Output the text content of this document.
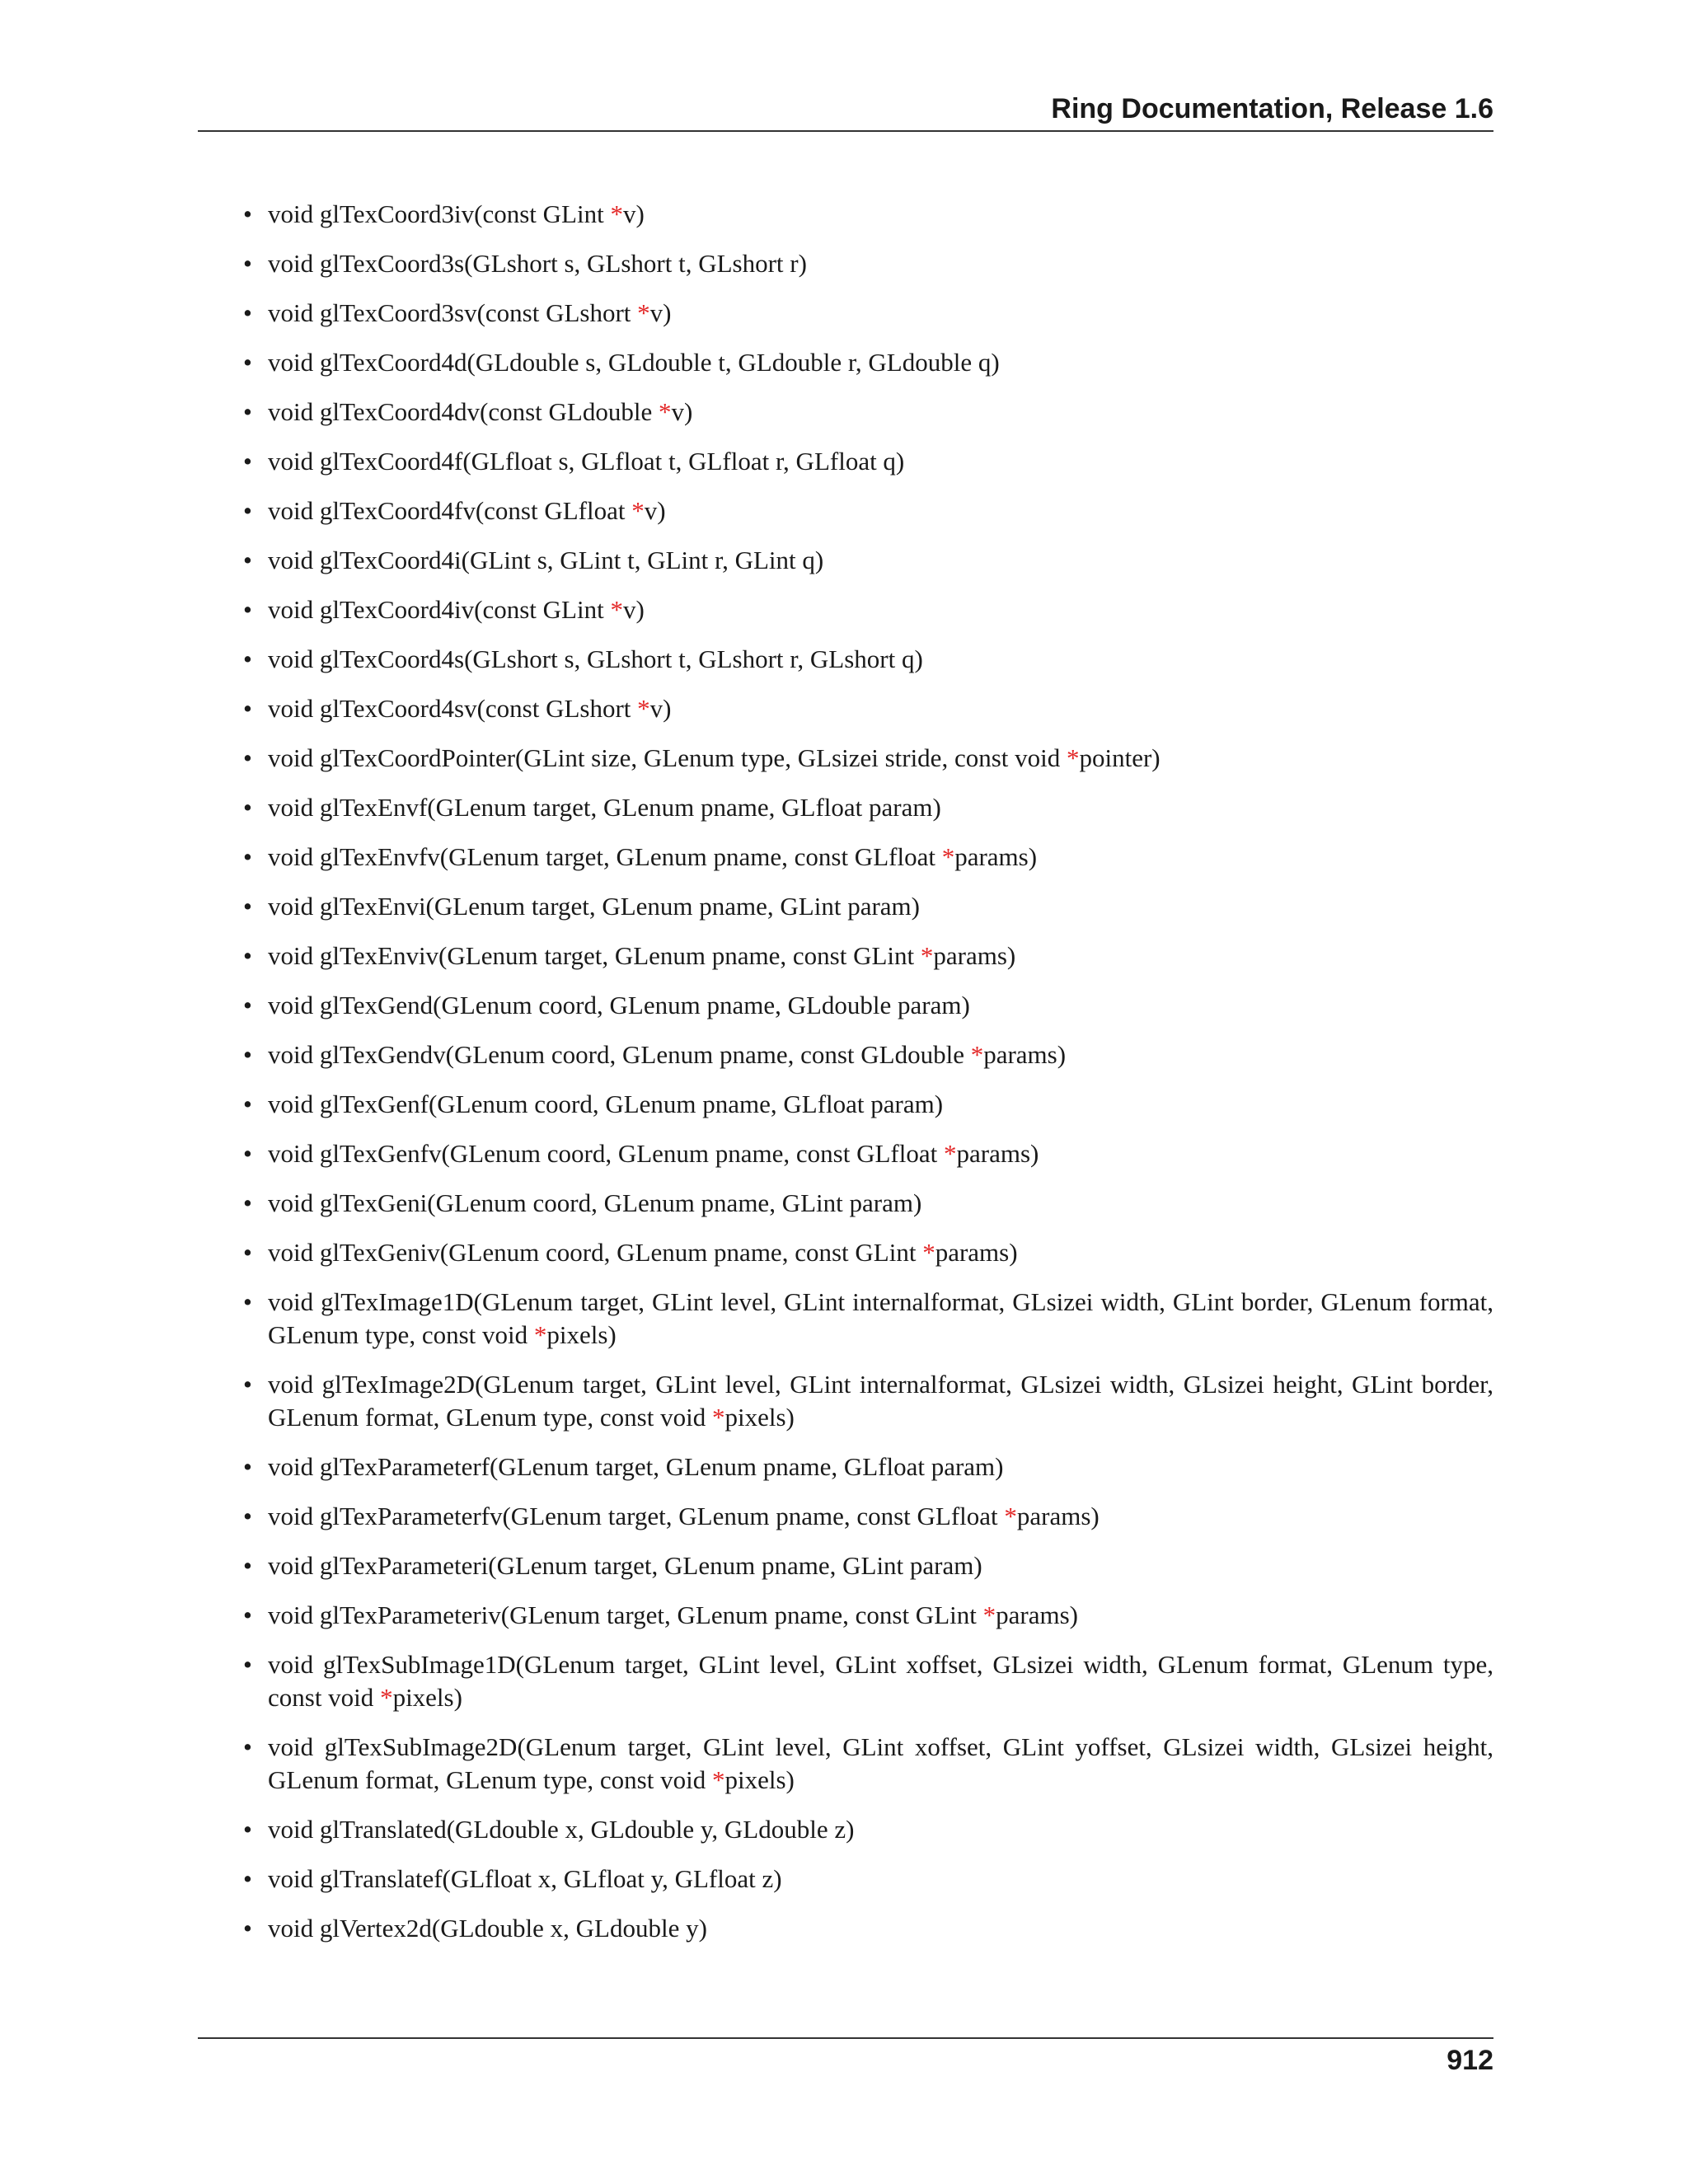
Ring Documentation, Release 1.6
• void glTexCoord3iv(const GLint *v)
• void glTexCoord3s(GLshort s, GLshort t, GLshort r)
• void glTexCoord3sv(const GLshort *v)
• void glTexCoord4d(GLdouble s, GLdouble t, GLdouble r, GLdouble q)
• void glTexCoord4dv(const GLdouble *v)
• void glTexCoord4f(GLfloat s, GLfloat t, GLfloat r, GLfloat q)
• void glTexCoord4fv(const GLfloat *v)
• void glTexCoord4i(GLint s, GLint t, GLint r, GLint q)
• void glTexCoord4iv(const GLint *v)
• void glTexCoord4s(GLshort s, GLshort t, GLshort r, GLshort q)
• void glTexCoord4sv(const GLshort *v)
• void glTexCoordPointer(GLint size, GLenum type, GLsizei stride, const void *pointer)
• void glTexEnvf(GLenum target, GLenum pname, GLfloat param)
• void glTexEnvfv(GLenum target, GLenum pname, const GLfloat *params)
• void glTexEnvi(GLenum target, GLenum pname, GLint param)
• void glTexEnviv(GLenum target, GLenum pname, const GLint *params)
• void glTexGend(GLenum coord, GLenum pname, GLdouble param)
• void glTexGendv(GLenum coord, GLenum pname, const GLdouble *params)
• void glTexGenf(GLenum coord, GLenum pname, GLfloat param)
• void glTexGenfv(GLenum coord, GLenum pname, const GLfloat *params)
• void glTexGeni(GLenum coord, GLenum pname, GLint param)
• void glTexGeniv(GLenum coord, GLenum pname, const GLint *params)
• void glTexImage1D(GLenum target, GLint level, GLint internalformat, GLsizei width, GLint border, GLenum format, GLenum type, const void *pixels)
• void glTexImage2D(GLenum target, GLint level, GLint internalformat, GLsizei width, GLsizei height, GLint border, GLenum format, GLenum type, const void *pixels)
• void glTexParameterf(GLenum target, GLenum pname, GLfloat param)
• void glTexParameterfv(GLenum target, GLenum pname, const GLfloat *params)
• void glTexParameteri(GLenum target, GLenum pname, GLint param)
• void glTexParameteriv(GLenum target, GLenum pname, const GLint *params)
• void glTexSubImage1D(GLenum target, GLint level, GLint xoffset, GLsizei width, GLenum format, GLenum type, const void *pixels)
• void glTexSubImage2D(GLenum target, GLint level, GLint xoffset, GLint yoffset, GLsizei width, GLsizei height, GLenum format, GLenum type, const void *pixels)
• void glTranslated(GLdouble x, GLdouble y, GLdouble z)
• void glTranslatef(GLfloat x, GLfloat y, GLfloat z)
• void glVertex2d(GLdouble x, GLdouble y)
912
